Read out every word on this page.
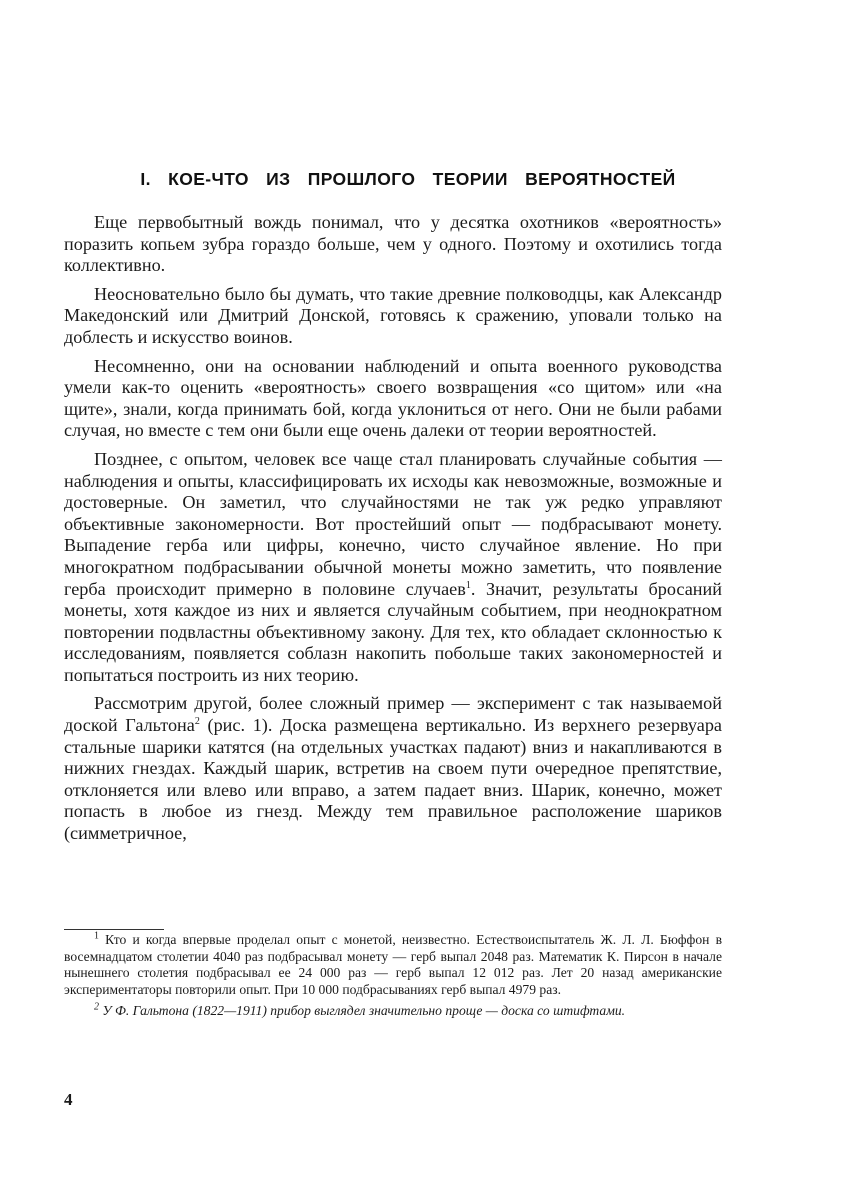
I. КОЕ-ЧТО ИЗ ПРОШЛОГО ТЕОРИИ ВЕРОЯТНОСТЕЙ

Еще первобытный вождь понимал, что у десятка охотников «вероятность» поразить копьем зубра гораздо больше, чем у одного. Поэтому и охотились тогда коллективно.

Неосновательно было бы думать, что такие древние полководцы, как Александр Македонский или Дмитрий Донской, готовясь к сражению, уповали только на доблесть и искусство воинов.

Несомненно, они на основании наблюдений и опыта военного руководства умели как-то оценить «вероятность» своего возвращения «со щитом» или «на щите», знали, когда принимать бой, когда уклониться от него. Они не были рабами случая, но вместе с тем они были еще очень далеки от теории вероятностей.

Позднее, с опытом, человек все чаще стал планировать случайные события — наблюдения и опыты, классифицировать их исходы как невозможные, возможные и достоверные. Он заметил, что случайностями не так уж редко управляют объективные закономерности. Вот простейший опыт — подбрасывают монету. Выпадение герба или цифры, конечно, чисто случайное явление. Но при многократном подбрасывании обычной монеты можно заметить, что появление герба происходит примерно в половине случаев$^1$. Значит, результаты бросаний монеты, хотя каждое из них и является случайным событием, при неоднократном повторении подвластны объективному закону. Для тех, кто обладает склонностью к исследованиям, появляется соблазн накопить побольше таких закономерностей и попытаться построить из них теорию.

Рассмотрим другой, более сложный пример — эксперимент с так называемой доской Гальтона$^2$ (рис. 1). Доска размещена вертикально. Из верхнего резервуара стальные шарики катятся (на отдельных участках падают) вниз и накапливаются в нижних гнездах. Каждый шарик, встретив на своем пути очередное препятствие, отклоняется или влево или вправо, а затем падает вниз. Шарик, конечно, может попасть в любое из гнезд. Между тем правильное расположение шариков (симметричное,

$^1$ Кто и когда впервые проделал опыт с монетой, неизвестно. Естествоиспытатель Ж. Л. Л. Бюффон в восемнадцатом столетии 4040 раз подбрасывал монету — герб выпал 2048 раз. Математик К. Пирсон в начале нынешнего столетия подбрасывал ее 24 000 раз — герб выпал 12 012 раз. Лет 20 назад американские экспериментаторы повторили опыт. При 10 000 подбрасываниях герб выпал 4979 раз.

$^2$ У Ф. Гальтона (1822—1911) прибор выглядел значительно проще — доска со штифтами.

4
